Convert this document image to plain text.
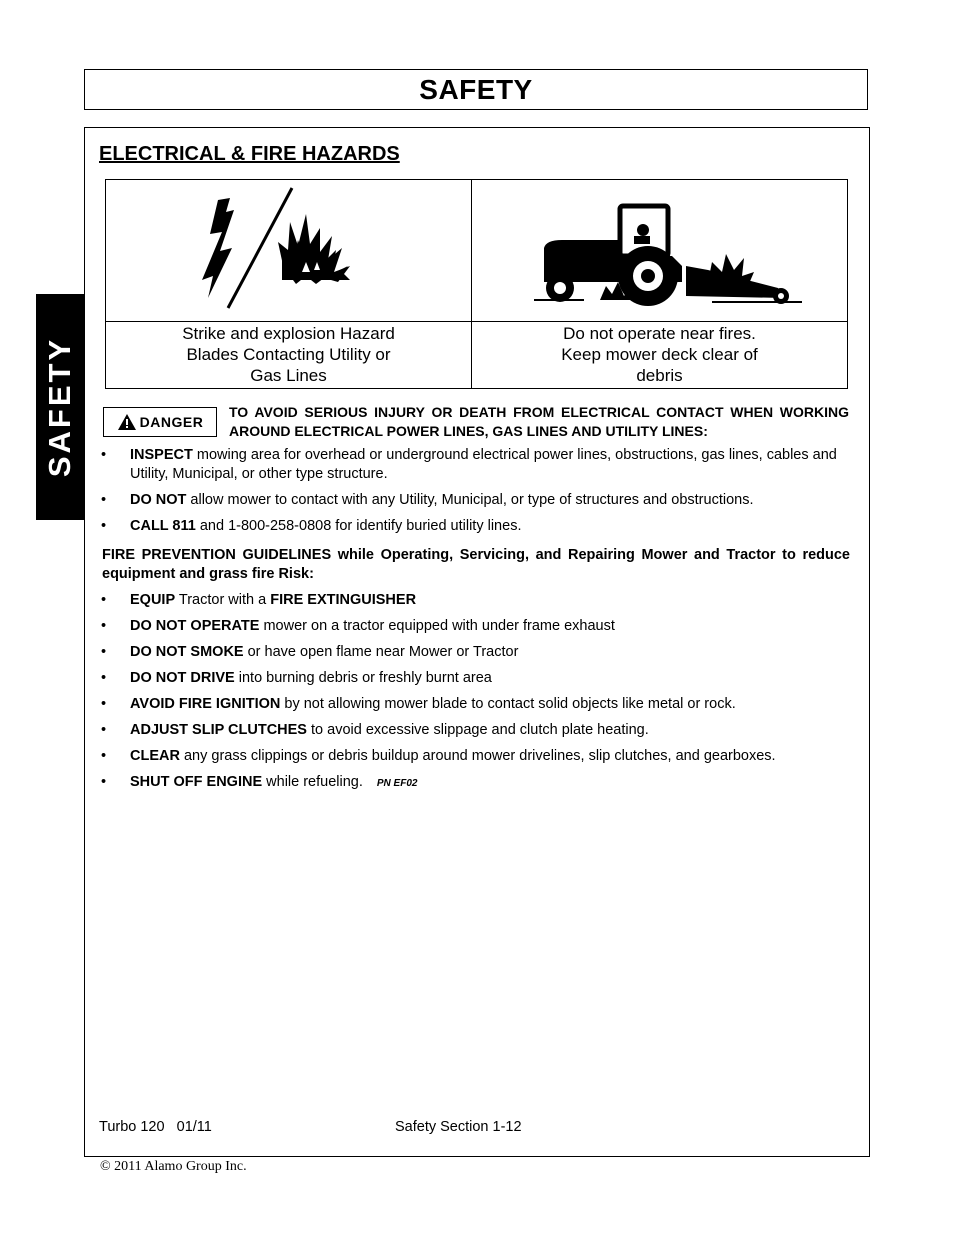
SAFETY
SAFETY
ELECTRICAL & FIRE HAZARDS
Strike and explosion Hazard
Blades Contacting Utility or
Gas Lines
Do not operate near fires.
Keep mower deck clear of
debris
DANGER
TO AVOID SERIOUS INJURY OR DEATH FROM ELECTRICAL CONTACT WHEN WORKING AROUND ELECTRICAL POWER LINES, GAS LINES AND UTILITY LINES:
• INSPECT mowing area for overhead or underground electrical power lines, obstructions, gas lines, cables and Utility, Municipal, or other type structure.
• DO NOT allow mower to contact with any Utility, Municipal, or type of structures and obstructions.
• CALL 811 and 1-800-258-0808 for identify buried utility lines.
FIRE PREVENTION GUIDELINES while Operating, Servicing, and Repairing Mower and Tractor to reduce equipment and grass fire Risk:
• EQUIP Tractor with a FIRE EXTINGUISHER
• DO NOT OPERATE mower on a tractor equipped with under frame exhaust
• DO NOT SMOKE or have open flame near Mower or Tractor
• DO NOT DRIVE into burning debris or freshly burnt area
• AVOID FIRE IGNITION by not allowing mower blade to contact solid objects like metal or rock.
• ADJUST SLIP CLUTCHES to avoid excessive slippage and clutch plate heating.
• CLEAR any grass clippings or debris buildup around mower drivelines, slip clutches, and gearboxes.
• SHUT OFF ENGINE while refueling. PN EF02
Turbo 120   01/11	Safety Section 1-12
© 2011 Alamo Group Inc.
